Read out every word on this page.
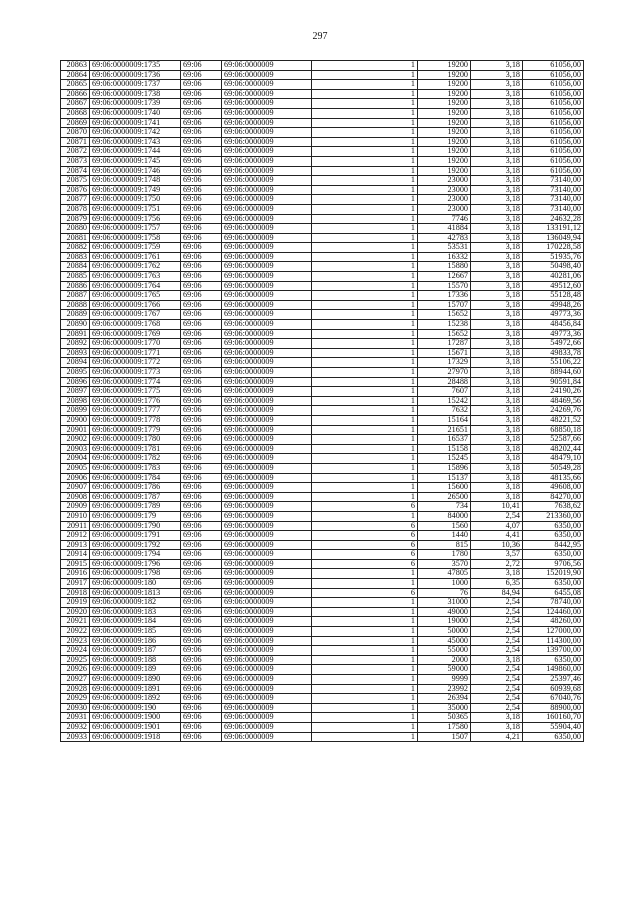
297
20863	69:06:0000009:1735	69:06	69:06:0000009	1	19200	3,18	61056,00
20864	69:06:0000009:1736	69:06	69:06:0000009	1	19200	3,18	61056,00
20865	69:06:0000009:1737	69:06	69:06:0000009	1	19200	3,18	61056,00
20866	69:06:0000009:1738	69:06	69:06:0000009	1	19200	3,18	61056,00
20867	69:06:0000009:1739	69:06	69:06:0000009	1	19200	3,18	61056,00
20868	69:06:0000009:1740	69:06	69:06:0000009	1	19200	3,18	61056,00
20869	69:06:0000009:1741	69:06	69:06:0000009	1	19200	3,18	61056,00
20870	69:06:0000009:1742	69:06	69:06:0000009	1	19200	3,18	61056,00
20871	69:06:0000009:1743	69:06	69:06:0000009	1	19200	3,18	61056,00
20872	69:06:0000009:1744	69:06	69:06:0000009	1	19200	3,18	61056,00
20873	69:06:0000009:1745	69:06	69:06:0000009	1	19200	3,18	61056,00
20874	69:06:0000009:1746	69:06	69:06:0000009	1	19200	3,18	61056,00
20875	69:06:0000009:1748	69:06	69:06:0000009	1	23000	3,18	73140,00
20876	69:06:0000009:1749	69:06	69:06:0000009	1	23000	3,18	73140,00
20877	69:06:0000009:1750	69:06	69:06:0000009	1	23000	3,18	73140,00
20878	69:06:0000009:1751	69:06	69:06:0000009	1	23000	3,18	73140,00
20879	69:06:0000009:1756	69:06	69:06:0000009	1	7746	3,18	24632,28
20880	69:06:0000009:1757	69:06	69:06:0000009	1	41884	3,18	133191,12
20881	69:06:0000009:1758	69:06	69:06:0000009	1	42783	3,18	136049,94
20882	69:06:0000009:1759	69:06	69:06:0000009	1	53531	3,18	170228,58
20883	69:06:0000009:1761	69:06	69:06:0000009	1	16332	3,18	51935,76
20884	69:06:0000009:1762	69:06	69:06:0000009	1	15880	3,18	50498,40
20885	69:06:0000009:1763	69:06	69:06:0000009	1	12667	3,18	40281,06
20886	69:06:0000009:1764	69:06	69:06:0000009	1	15570	3,18	49512,60
20887	69:06:0000009:1765	69:06	69:06:0000009	1	17336	3,18	55128,48
20888	69:06:0000009:1766	69:06	69:06:0000009	1	15707	3,18	49948,26
20889	69:06:0000009:1767	69:06	69:06:0000009	1	15652	3,18	49773,36
20890	69:06:0000009:1768	69:06	69:06:0000009	1	15238	3,18	48456,84
20891	69:06:0000009:1769	69:06	69:06:0000009	1	15652	3,18	49773,36
20892	69:06:0000009:1770	69:06	69:06:0000009	1	17287	3,18	54972,66
20893	69:06:0000009:1771	69:06	69:06:0000009	1	15671	3,18	49833,78
20894	69:06:0000009:1772	69:06	69:06:0000009	1	17329	3,18	55106,22
20895	69:06:0000009:1773	69:06	69:06:0000009	1	27970	3,18	88944,60
20896	69:06:0000009:1774	69:06	69:06:0000009	1	28488	3,18	90591,84
20897	69:06:0000009:1775	69:06	69:06:0000009	1	7607	3,18	24190,26
20898	69:06:0000009:1776	69:06	69:06:0000009	1	15242	3,18	48469,56
20899	69:06:0000009:1777	69:06	69:06:0000009	1	7632	3,18	24269,76
20900	69:06:0000009:1778	69:06	69:06:0000009	1	15164	3,18	48221,52
20901	69:06:0000009:1779	69:06	69:06:0000009	1	21651	3,18	68850,18
20902	69:06:0000009:1780	69:06	69:06:0000009	1	16537	3,18	52587,66
20903	69:06:0000009:1781	69:06	69:06:0000009	1	15158	3,18	48202,44
20904	69:06:0000009:1782	69:06	69:06:0000009	1	15245	3,18	48479,10
20905	69:06:0000009:1783	69:06	69:06:0000009	1	15896	3,18	50549,28
20906	69:06:0000009:1784	69:06	69:06:0000009	1	15137	3,18	48135,66
20907	69:06:0000009:1786	69:06	69:06:0000009	1	15600	3,18	49608,00
20908	69:06:0000009:1787	69:06	69:06:0000009	1	26500	3,18	84270,00
20909	69:06:0000009:1789	69:06	69:06:0000009	6	734	10,41	7638,62
20910	69:06:0000009:179	69:06	69:06:0000009	1	84000	2,54	213360,00
20911	69:06:0000009:1790	69:06	69:06:0000009	6	1560	4,07	6350,00
20912	69:06:0000009:1791	69:06	69:06:0000009	6	1440	4,41	6350,00
20913	69:06:0000009:1792	69:06	69:06:0000009	6	815	10,36	8442,95
20914	69:06:0000009:1794	69:06	69:06:0000009	6	1780	3,57	6350,00
20915	69:06:0000009:1796	69:06	69:06:0000009	6	3570	2,72	9706,56
20916	69:06:0000009:1798	69:06	69:06:0000009	1	47805	3,18	152019,90
20917	69:06:0000009:180	69:06	69:06:0000009	1	1000	6,35	6350,00
20918	69:06:0000009:1813	69:06	69:06:0000009	6	76	84,94	6455,08
20919	69:06:0000009:182	69:06	69:06:0000009	1	31000	2,54	78740,00
20920	69:06:0000009:183	69:06	69:06:0000009	1	49000	2,54	124460,00
20921	69:06:0000009:184	69:06	69:06:0000009	1	19000	2,54	48260,00
20922	69:06:0000009:185	69:06	69:06:0000009	1	50000	2,54	127000,00
20923	69:06:0000009:186	69:06	69:06:0000009	1	45000	2,54	114300,00
20924	69:06:0000009:187	69:06	69:06:0000009	1	55000	2,54	139700,00
20925	69:06:0000009:188	69:06	69:06:0000009	1	2000	3,18	6350,00
20926	69:06:0000009:189	69:06	69:06:0000009	1	59000	2,54	149860,00
20927	69:06:0000009:1890	69:06	69:06:0000009	1	9999	2,54	25397,46
20928	69:06:0000009:1891	69:06	69:06:0000009	1	23992	2,54	60939,68
20929	69:06:0000009:1892	69:06	69:06:0000009	1	26394	2,54	67040,76
20930	69:06:0000009:190	69:06	69:06:0000009	1	35000	2,54	88900,00
20931	69:06:0000009:1900	69:06	69:06:0000009	1	50365	3,18	160160,70
20932	69:06:0000009:1901	69:06	69:06:0000009	1	17580	3,18	55904,40
20933	69:06:0000009:1918	69:06	69:06:0000009	1	1507	4,21	6350,00
